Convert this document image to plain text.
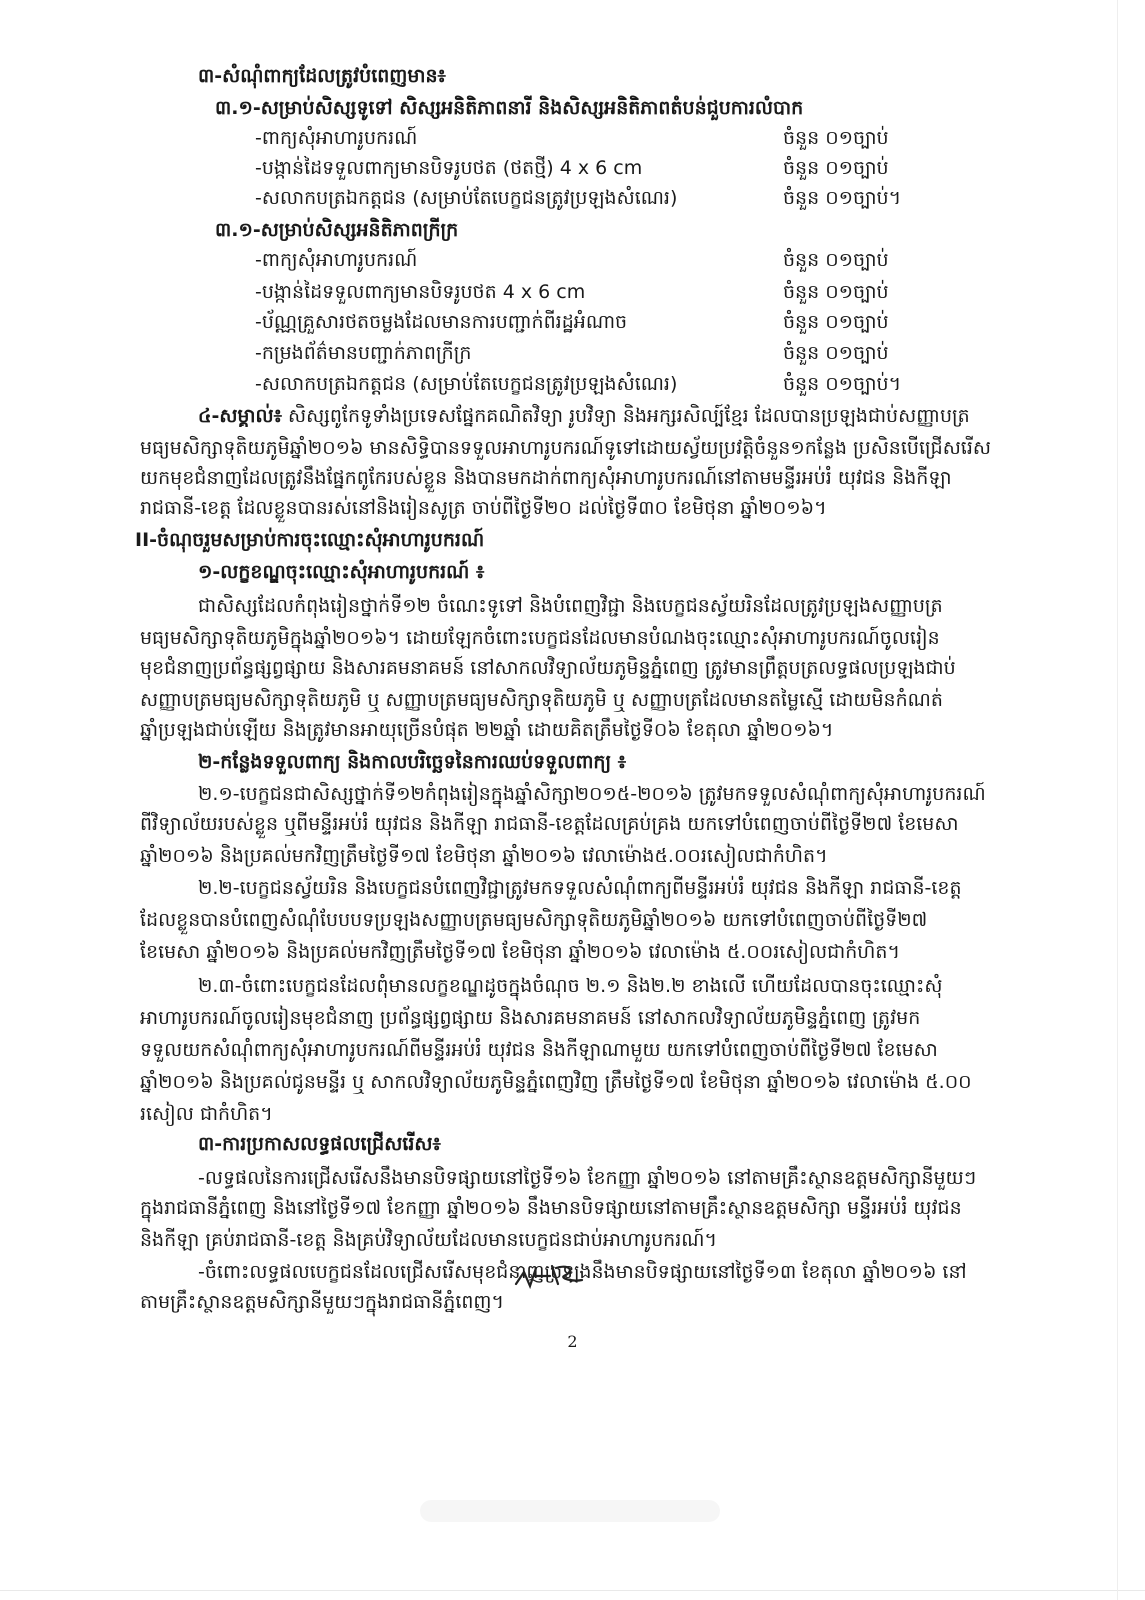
៣-សំណុំពាក្យដែលត្រូវបំពេញមាន៖
៣.១-សម្រាប់សិស្សទូទៅ សិស្សអនិតិភាពនារី និងសិស្សអនិតិភាពតំបន់ជួបការលំបាក
-ពាក្យសុំអាហារូបករណ៍	ចំនួន ០១ច្បាប់
-បង្កាន់ដៃទទួលពាក្យមានបិទរូបថត (ថតថ្មី) 4 x 6 cm	ចំនួន ០១ច្បាប់
-សលាកបត្រឯកត្តជន (សម្រាប់តែបេក្ខជនត្រូវប្រឡងសំណេរ)	ចំនួន ០១ច្បាប់។
៣.១-សម្រាប់សិស្សអនិតិភាពក្រីក្រ
-ពាក្យសុំអាហារូបករណ៍	ចំនួន ០១ច្បាប់
-បង្កាន់ដៃទទួលពាក្យមានបិទរូបថត 4 x 6 cm	ចំនួន ០១ច្បាប់
-ប័ណ្ណគ្រួសារថតចម្លងដែលមានការបញ្ជាក់ពីរដ្ឋអំណាច	ចំនួន ០១ច្បាប់
-កម្រងព័ត៌មានបញ្ជាក់ភាពក្រីក្រ	ចំនួន ០១ច្បាប់
-សលាកបត្រឯកត្តជន (សម្រាប់តែបេក្ខជនត្រូវប្រឡងសំណេរ)	ចំនួន ០១ច្បាប់។
៤-សម្គាល់៖ សិស្សពូកែទូទាំងប្រទេសផ្នែកគណិតវិទ្យា រូបវិទ្យា និងអក្សរសិល្ប៍ខ្មែរ ដែលបានប្រឡងជាប់សញ្ញាបត្រ
មធ្យមសិក្សាទុតិយភូមិឆ្នាំ២០១៦ មានសិទ្ធិបានទទួលអាហារូបករណ៍ទូទៅដោយស្វ័យប្រវត្តិចំនួន១កន្លែង ប្រសិនបើជ្រើសរើស
យកមុខជំនាញដែលត្រូវនឹងផ្នែកពូកែរបស់ខ្លួន និងបានមកដាក់ពាក្យសុំអាហារូបករណ៍នៅតាមមន្ទីរអប់រំ យុវជន និងកីឡា
រាជធានី-ខេត្ត ដែលខ្លួនបានរស់នៅនិងរៀនសូត្រ ចាប់ពីថ្ងៃទី២០ ដល់ថ្ងៃទី៣០ ខែមិថុនា ឆ្នាំ២០១៦។
II-ចំណុចរួមសម្រាប់ការចុះឈ្មោះសុំអាហារូបករណ៍
១-លក្ខខណ្ឌចុះឈ្មោះសុំអាហារូបករណ៍ ៖
ជាសិស្សដែលកំពុងរៀនថ្នាក់ទី១២ ចំណេះទូទៅ និងបំពេញវិជ្ជា និងបេក្ខជនស្វ័យរិនដែលត្រូវប្រឡងសញ្ញាបត្រ
មធ្យមសិក្សាទុតិយភូមិក្នុងឆ្នាំ២០១៦។ ដោយឡែកចំពោះបេក្ខជនដែលមានបំណងចុះឈ្មោះសុំអាហារូបករណ៍ចូលរៀន
មុខជំនាញប្រព័ន្ធផ្សព្វផ្សាយ និងសារគមនាគមន៍ នៅសាកលវិទ្យាល័យភូមិន្ទភ្នំពេញ ត្រូវមានព្រឹត្តបត្រលទ្ធផលប្រឡងជាប់
សញ្ញាបត្រមធ្យមសិក្សាទុតិយភូមិ ឬ សញ្ញាបត្រមធ្យមសិក្សាទុតិយភូមិ ឬ សញ្ញាបត្រដែលមានតម្លៃស្មើ ដោយមិនកំណត់
ឆ្នាំប្រឡងជាប់ឡើយ និងត្រូវមានអាយុច្រើនបំផុត ២២ឆ្នាំ ដោយគិតត្រឹមថ្ងៃទី០៦ ខែតុលា ឆ្នាំ២០១៦។
២-កន្លែងទទួលពាក្យ និងកាលបរិច្ឆេទនៃការឈប់ទទួលពាក្យ ៖
២.១-បេក្ខជនជាសិស្សថ្នាក់ទី១២កំពុងរៀនក្នុងឆ្នាំសិក្សា២០១៥-២០១៦ ត្រូវមកទទួលសំណុំពាក្យសុំអាហារូបករណ៍
ពីវិទ្យាល័យរបស់ខ្លួន ឬពីមន្ទីរអប់រំ យុវជន និងកីឡា រាជធានី-ខេត្តដែលគ្រប់គ្រង យកទៅបំពេញចាប់ពីថ្ងៃទី២៧ ខែមេសា
ឆ្នាំ២០១៦ និងប្រគល់មកវិញត្រឹមថ្ងៃទី១៧ ខែមិថុនា ឆ្នាំ២០១៦ វេលាម៉ោង៥.០០រសៀលជាកំហិត។
២.២-បេក្ខជនស្វ័យរិន និងបេក្ខជនបំពេញវិជ្ជាត្រូវមកទទួលសំណុំពាក្យពីមន្ទីរអប់រំ យុវជន និងកីឡា រាជធានី-ខេត្ត
ដែលខ្លួនបានបំពេញសំណុំបែបបទប្រឡងសញ្ញាបត្រមធ្យមសិក្សាទុតិយភូមិឆ្នាំ២០១៦ យកទៅបំពេញចាប់ពីថ្ងៃទី២៧
ខែមេសា ឆ្នាំ២០១៦ និងប្រគល់មកវិញត្រឹមថ្ងៃទី១៧ ខែមិថុនា ឆ្នាំ២០១៦ វេលាម៉ោង ៥.០០រសៀលជាកំហិត។
២.៣-ចំពោះបេក្ខជនដែលពុំមានលក្ខខណ្ឌដូចក្នុងចំណុច ២.១ និង២.២ ខាងលើ ហើយដែលបានចុះឈ្មោះសុំ
អាហារូបករណ៍ចូលរៀនមុខជំនាញ ប្រព័ន្ធផ្សព្វផ្សាយ និងសារគមនាគមន៍ នៅសាកលវិទ្យាល័យភូមិន្ទភ្នំពេញ ត្រូវមក
ទទួលយកសំណុំពាក្យសុំអាហារូបករណ៍ពីមន្ទីរអប់រំ យុវជន និងកីឡាណាមួយ យកទៅបំពេញចាប់ពីថ្ងៃទី២៧ ខែមេសា
ឆ្នាំ២០១៦ និងប្រគល់ជូនមន្ទីរ ឬ សាកលវិទ្យាល័យភូមិន្ទភ្នំពេញវិញ ត្រឹមថ្ងៃទី១៧ ខែមិថុនា ឆ្នាំ២០១៦ វេលាម៉ោង ៥.០០
រសៀល ជាកំហិត។
៣-ការប្រកាសលទ្ធផលជ្រើសរើស៖
-លទ្ធផលនៃការជ្រើសរើសនឹងមានបិទផ្សាយនៅថ្ងៃទី១៦ ខែកញ្ញា ឆ្នាំ២០១៦ នៅតាមគ្រឹះស្ថានឧត្តមសិក្សានីមួយៗ
ក្នុងរាជធានីភ្នំពេញ និងនៅថ្ងៃទី១៧ ខែកញ្ញា ឆ្នាំ២០១៦ នឹងមានបិទផ្សាយនៅតាមគ្រឹះស្ថានឧត្តមសិក្សា មន្ទីរអប់រំ យុវជន
និងកីឡា គ្រប់រាជធានី-ខេត្ត និងគ្រប់វិទ្យាល័យដែលមានបេក្ខជនជាប់អាហារូបករណ៍។
-ចំពោះលទ្ធផលបេក្ខជនដែលជ្រើសរើសមុខជំនាញប្រឡងនឹងមានបិទផ្សាយនៅថ្ងៃទី១៣ ខែតុលា ឆ្នាំ២០១៦ នៅ
តាមគ្រឹះស្ថានឧត្តមសិក្សានីមួយៗក្នុងរាជធានីភ្នំពេញ។
2
